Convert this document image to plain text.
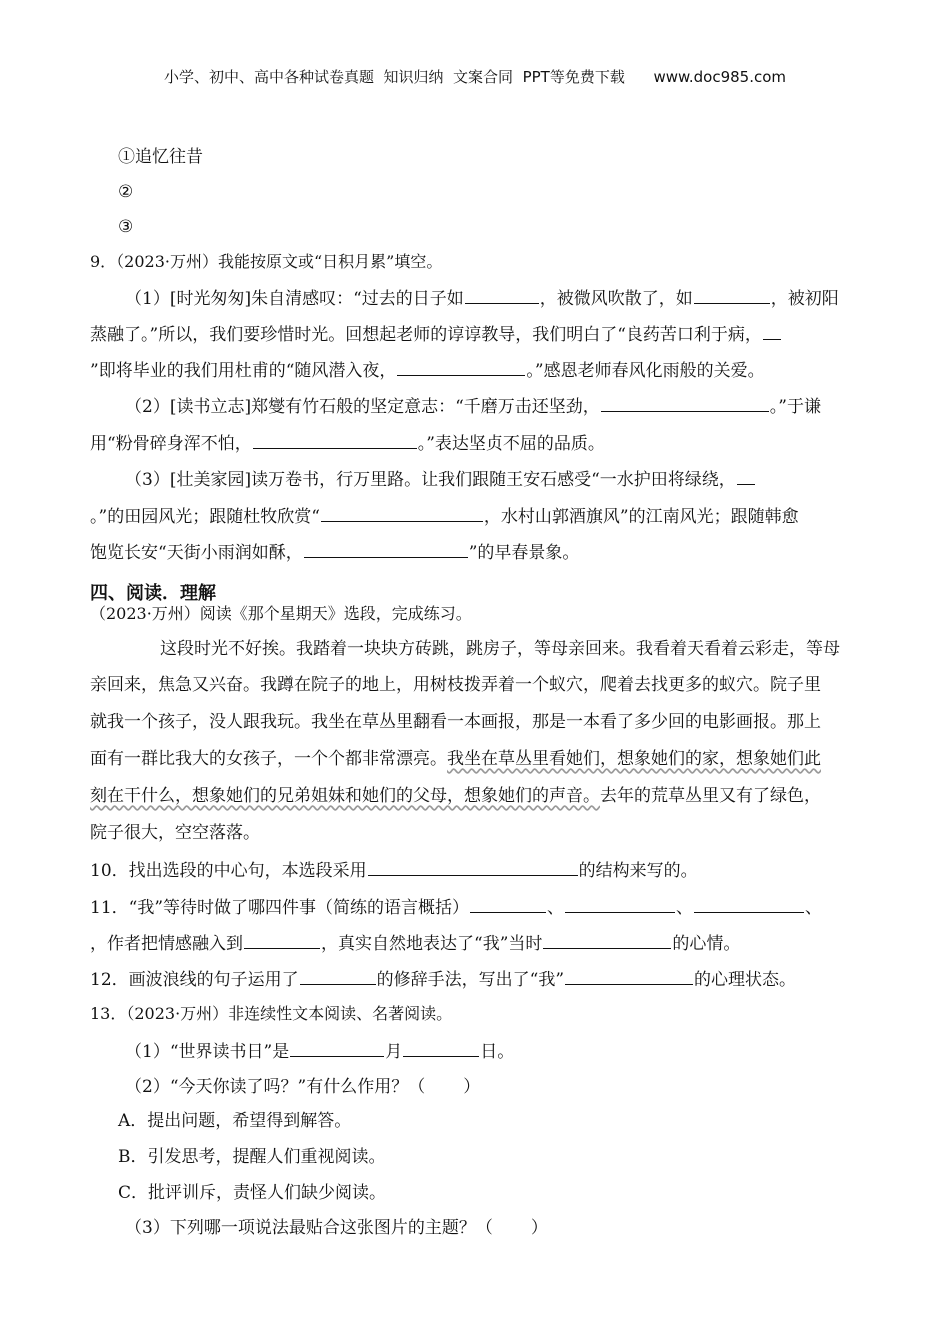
小学、初中、高中各种试卷真题  知识归纳  文案合同  PPT等免费下载 www.doc985.com
①追忆往昔
②
③
9．（2023·万州）我能按原文或“日积月累”填空。
（1）[时光匆匆]朱自清感叹：“过去的日子如	，被微风吹散了，如	，被初阳
蒸融了。”所以，我们要珍惜时光。回想起老师的谆谆教导，我们明白了“良药苦口利于病，
”即将毕业的我们用杜甫的“随风潜入夜，	。”感恩老师春风化雨般的关爱。
（2）[读书立志]郑燮有竹石般的坚定意志：“千磨万击还坚劲，	。”于谦
用“粉骨碎身浑不怕，	。”表达坚贞不屈的品质。
（3）[壮美家园]读万卷书，行万里路。让我们跟随王安石感受“一水护田将绿绕，
。”的田园风光；跟随杜牧欣赏“	，水村山郭酒旗风”的江南风光；跟随韩愈
饱览长安“天街小雨润如酥，	”的早春景象。
四、阅读．理解
（2023·万州）阅读《那个星期天》选段，完成练习。
这段时光不好挨。我踏着一块块方砖跳，跳房子，等母亲回来。我看着天看着云彩走，等母
亲回来，焦急又兴奋。我蹲在院子的地上，用树枝拨弄着一个蚁穴，爬着去找更多的蚁穴。院子里
就我一个孩子，没人跟我玩。我坐在草丛里翻看一本画报，那是一本看了多少回的电影画报。那上
面有一群比我大的女孩子，一个个都非常漂亮。我坐在草丛里看她们，想象她们的家，想象她们此
刻在干什么，想象她们的兄弟姐妹和她们的父母，想象她们的声音。去年的荒草丛里又有了绿色，
院子很大，空空落落。
10．找出选段的中心句，本选段采用	的结构来写的。
11．“我”等待时做了哪四件事（简练的语言概括）	、	、	、
，作者把情感融入到	，真实自然地表达了“我”当时	的心情。
12．画波浪线的句子运用了	的修辞手法，写出了“我”	的心理状态。
13．（2023·万州）非连续性文本阅读、名著阅读。
（1）“世界读书日”是	月	日。
（2）“今天你读了吗？”有什么作用？（ ）
A．提出问题，希望得到解答。
B．引发思考，提醒人们重视阅读。
C．批评训斥，责怪人们缺少阅读。
（3）下列哪一项说法最贴合这张图片的主题？（ ）
